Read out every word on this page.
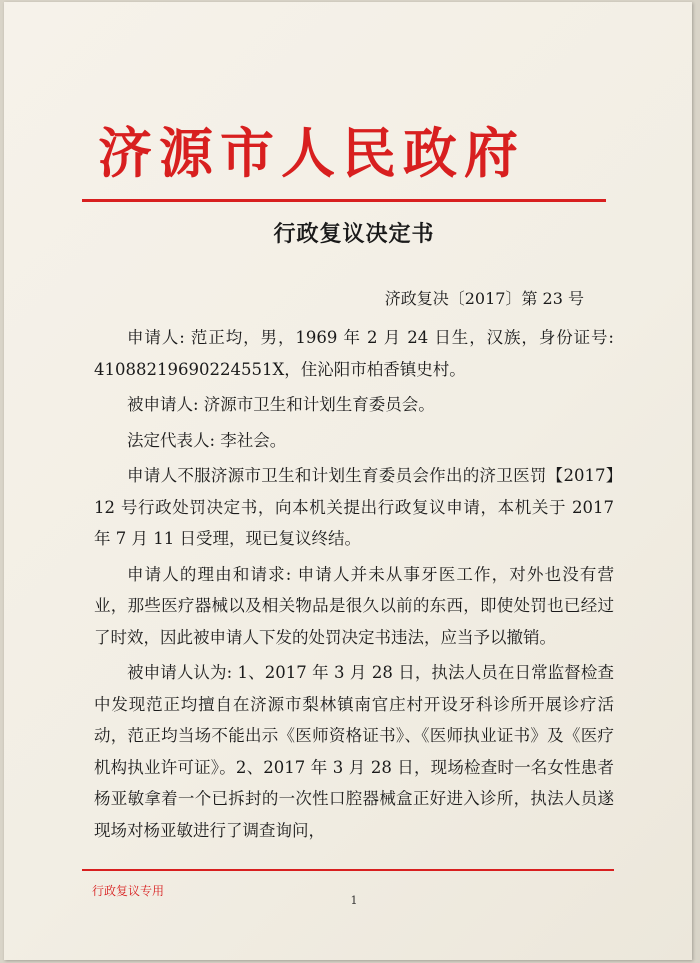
济源市人民政府
行政复议决定书
济政复决〔2017〕第 23 号

申请人: 范正均，男，1969 年 2 月 24 日生，汉族，身份证号: 41088219690224551X，住沁阳市柏香镇史村。

被申请人: 济源市卫生和计划生育委员会。

法定代表人: 李社会。

申请人不服济源市卫生和计划生育委员会作出的济卫医罚【2017】12 号行政处罚决定书，向本机关提出行政复议申请，本机关于 2017 年 7 月 11 日受理，现已复议终结。

申请人的理由和请求: 申请人并未从事牙医工作，对外也没有营业，那些医疗器械以及相关物品是很久以前的东西，即使处罚也已经过了时效，因此被申请人下发的处罚决定书违法，应当予以撤销。

被申请人认为: 1、2017 年 3 月 28 日，执法人员在日常监督检查中发现范正均擅自在济源市梨林镇南官庄村开设牙科诊所开展诊疗活动，范正均当场不能出示《医师资格证书》、《医师执业证书》及《医疗机构执业许可证》。2、2017 年 3 月 28 日，现场检查时一名女性患者杨亚敏拿着一个已拆封的一次性口腔器械盒正好进入诊所，执法人员遂现场对杨亚敏进行了调查询问，

行政复议专用
1
